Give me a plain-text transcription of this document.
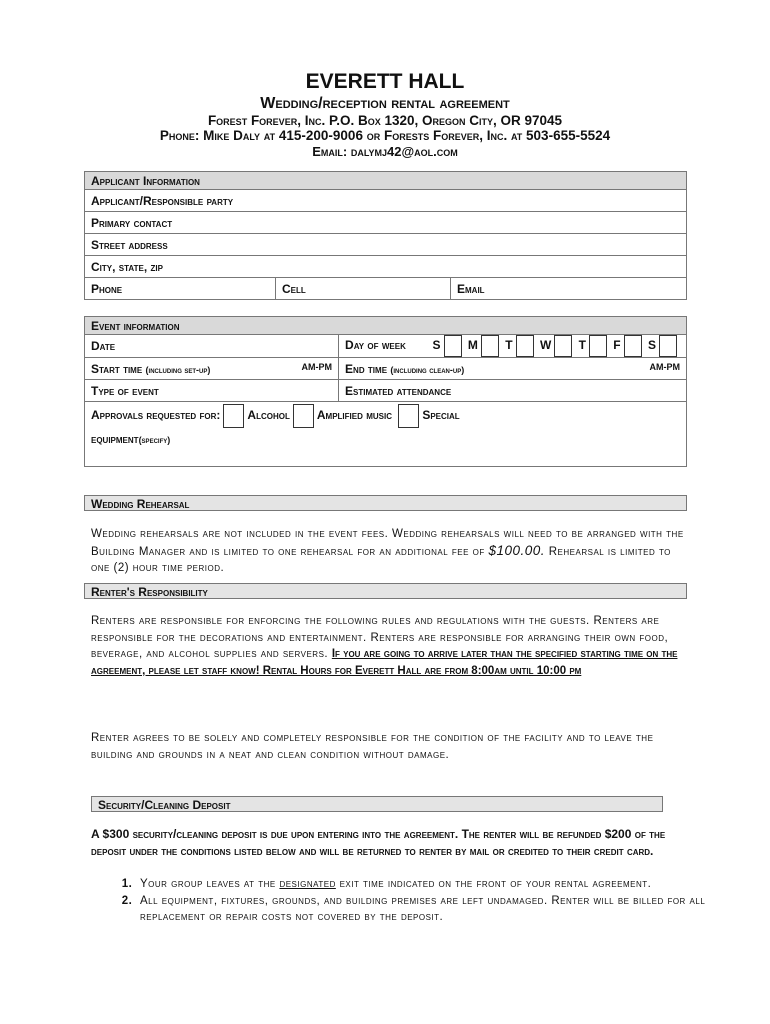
EVERETT HALL
Wedding/reception rental agreement
Forest Forever, Inc. P.O. Box 1320, Oregon City, OR 97045
Phone: Mike Daly at 415-200-9006 or Forests Forever, Inc. at 503-655-5524
Email: dalymj42@aol.com
Applicant Information
Applicant/Responsible party
Primary contact
Street address
City, state, zip
Phone	Cell	Email
Event information	
Date	Day of week S M T W T F S
Start time (including set-up) AM-PM	End time (including clean-up) AM-PM

Type of event	Estimated attendance
Approvals requested for: Alcohol Amplified music Special
equipment(specify)	
Wedding Rehearsal
Wedding rehearsals are not included in the event fees. Wedding rehearsals will need to be arranged with the Building Manager and is limited to one rehearsal for an additional fee of $100.00. Rehearsal is limited to one (2) hour time period.
Renter's Responsibility
Renters are responsible for enforcing the following rules and regulations with the guests. Renters are responsible for the decorations and entertainment. Renters are responsible for arranging their own food, beverage, and alcohol supplies and servers. If you are going to arrive later than the specified starting time on the agreement, please let staff know! Rental Hours for Everett Hall are from 8:00am until 10:00 pm
Renter agrees to be solely and completely responsible for the condition of the facility and to leave the building and grounds in a neat and clean condition without damage.
Security/Cleaning Deposit
A $300 security/cleaning deposit is due upon entering into the agreement. The renter will be refunded $200 of the deposit under the conditions listed below and will be returned to renter by mail or credited to their credit card.
1. Your group leaves at the designated exit time indicated on the front of your rental agreement.
2. All equipment, fixtures, grounds, and building premises are left undamaged. Renter will be billed for all replacement or repair costs not covered by the deposit.
